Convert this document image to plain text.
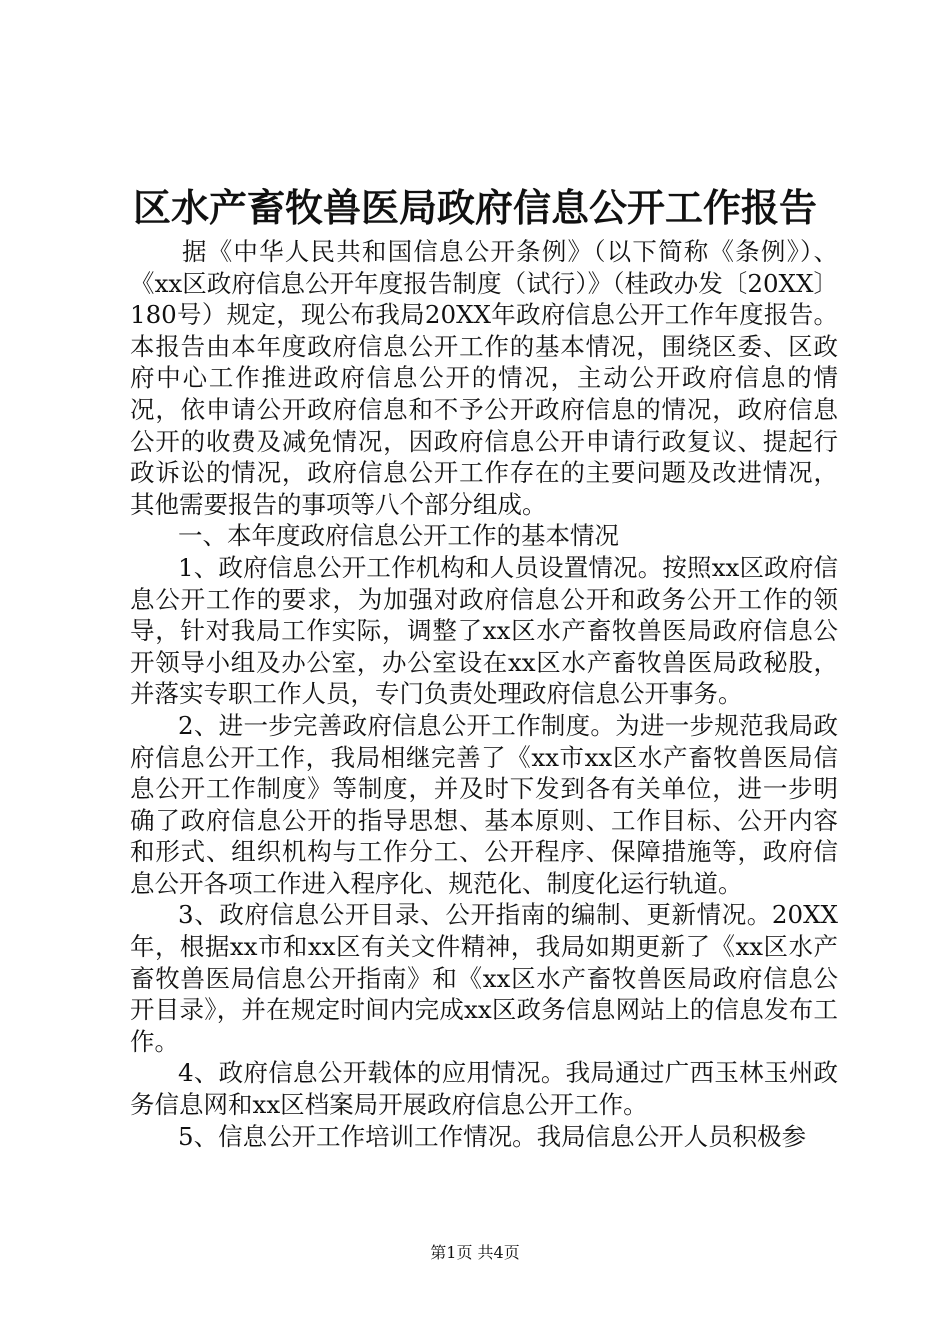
区水产畜牧兽医局政府信息公开工作报告

据《中华人民共和国信息公开条例》（以下简称《条例》）、《xx区政府信息公开年度报告制度（试行）》（桂政办发〔20XX〕180号）规定，现公布我局20XX年政府信息公开工作年度报告。本报告由本年度政府信息公开工作的基本情况，围绕区委、区政府中心工作推进政府信息公开的情况，主动公开政府信息的情况，依申请公开政府信息和不予公开政府信息的情况，政府信息公开的收费及减免情况，因政府信息公开申请行政复议、提起行政诉讼的情况，政府信息公开工作存在的主要问题及改进情况，其他需要报告的事项等八个部分组成。

一、本年度政府信息公开工作的基本情况

1、政府信息公开工作机构和人员设置情况。按照xx区政府信息公开工作的要求，为加强对政府信息公开和政务公开工作的领导，针对我局工作实际，调整了xx区水产畜牧兽医局政府信息公开领导小组及办公室，办公室设在xx区水产畜牧兽医局政秘股，并落实专职工作人员，专门负责处理政府信息公开事务。

2、进一步完善政府信息公开工作制度。为进一步规范我局政府信息公开工作，我局相继完善了《xx市xx区水产畜牧兽医局信息公开工作制度》等制度，并及时下发到各有关单位，进一步明确了政府信息公开的指导思想、基本原则、工作目标、公开内容和形式、组织机构与工作分工、公开程序、保障措施等，政府信息公开各项工作进入程序化、规范化、制度化运行轨道。

3、政府信息公开目录、公开指南的编制、更新情况。20XX年，根据xx市和xx区有关文件精神，我局如期更新了《xx区水产畜牧兽医局信息公开指南》和《xx区水产畜牧兽医局政府信息公开目录》，并在规定时间内完成xx区政务信息网站上的信息发布工作。

4、政府信息公开载体的应用情况。我局通过广西玉林玉州政务信息网和xx区档案局开展政府信息公开工作。

5、信息公开工作培训工作情况。我局信息公开人员积极参

第1页 共4页
